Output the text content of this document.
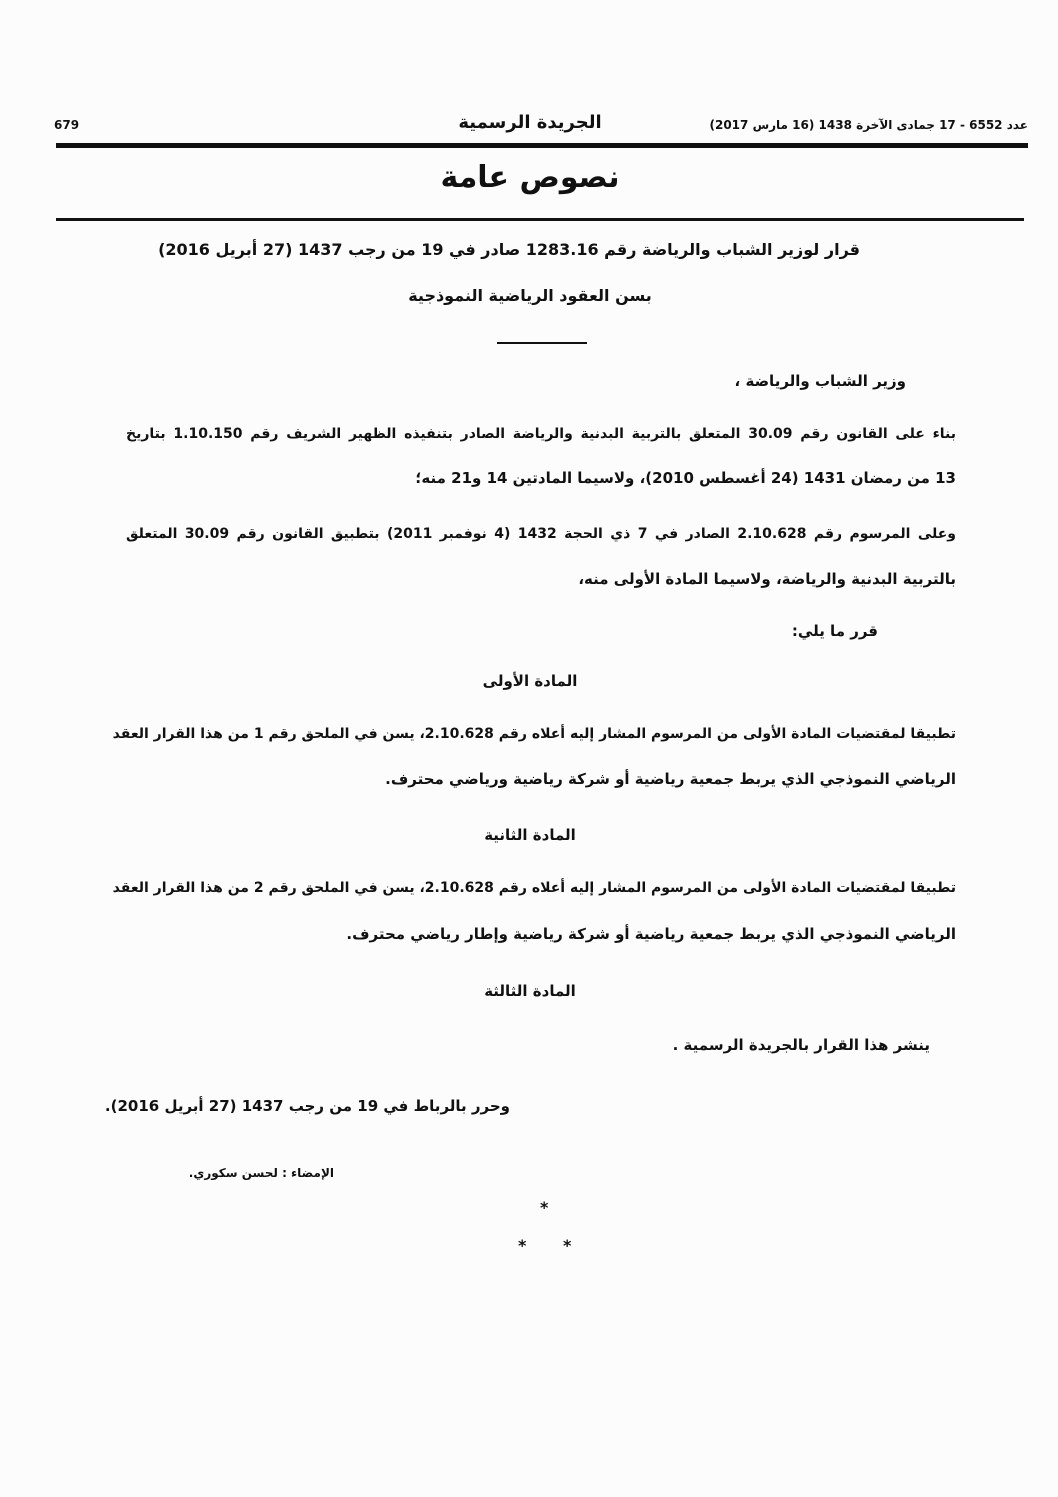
679	الجريدة الرسمية	عدد 6552 - 17 جمادى الآخرة 1438 (16 مارس 2017)
نصوص عامة
قرار لوزير الشباب والرياضة رقم 1283.16 صادر في 19 من رجب 1437 (27 أبريل 2016)
بسن العقود الرياضية النموذجية
وزير الشباب والرياضة ،
بناء على القانون رقم 30.09 المتعلق بالتربية البدنية والرياضة الصادر بتنفيذه الظهير الشريف رقم 1.10.150 بتاريخ
13 من رمضان 1431 (24 أغسطس 2010)، ولاسيما المادتين 14 و21 منه؛
وعلى المرسوم رقم 2.10.628 الصادر في 7 ذي الحجة 1432 (4 نوفمبر 2011) بتطبيق القانون رقم 30.09 المتعلق
بالتربية البدنية والرياضة، ولاسيما المادة الأولى منه،
قرر ما يلي:
المادة الأولى
تطبيقا لمقتضيات المادة الأولى من المرسوم المشار إليه أعلاه رقم 2.10.628، يسن في الملحق رقم 1 من هذا القرار العقد
الرياضي النموذجي الذي يربط جمعية رياضية أو شركة رياضية ورياضي محترف.
المادة الثانية
تطبيقا لمقتضيات المادة الأولى من المرسوم المشار إليه أعلاه رقم 2.10.628، يسن في الملحق رقم 2 من هذا القرار العقد
الرياضي النموذجي الذي يربط جمعية رياضية أو شركة رياضية وإطار رياضي محترف.
المادة الثالثة
ينشر هذا القرار بالجريدة الرسمية .
وحرر بالرباط في 19 من رجب 1437 (27 أبريل 2016).
الإمضاء : لحسن سكوري.
*
* *
